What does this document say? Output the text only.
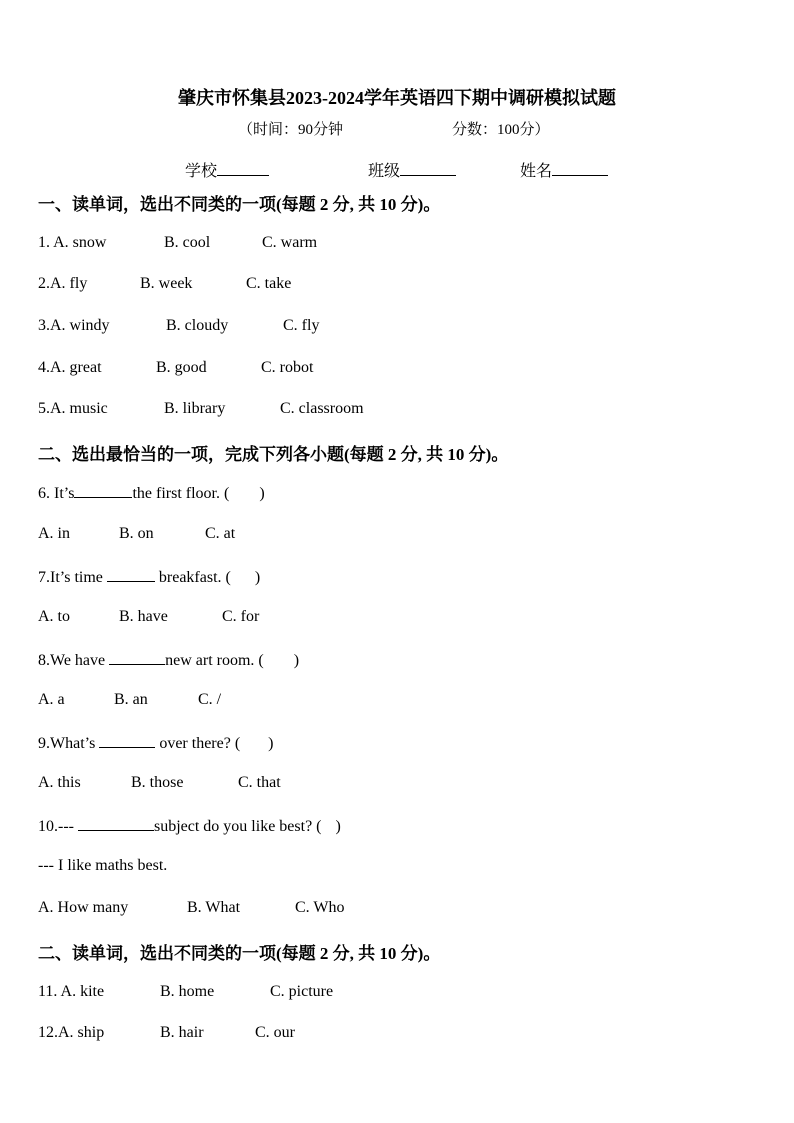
肇庆市怀集县2023-2024学年英语四下期中调研模拟试题
（时间：90分钟	分数：100分）
学校	班级	姓名
一、读单词，选出不同类的一项(每题 2 分, 共 10 分)。
1. A. snow	B. cool	C. warm
2.A. fly	B. week	C. take
3.A. windy	B. cloudy	C. fly
4.A. great	B. good	C. robot
5.A. music	B. library	C. classroom
二、选出最恰当的一项，完成下列各小题(每题 2 分, 共 10 分)。
6. It’s	the first floor. ( )
A. in	B. on	C. at
7.It’s time	breakfast. ( )
A. to	B. have	C. for
8.We have	new art room. ( )
A. a	B. an	C. /
9.What’s	over there? ( )
A. this	B. those	C. that
10.---	subject do you like best? ( )
--- I like maths best.
A. How many	B. What	C. Who
二、读单词，选出不同类的一项(每题 2 分, 共 10 分)。
11. A. kite	B. home	C. picture
12.A. ship	B. hair	C. our
